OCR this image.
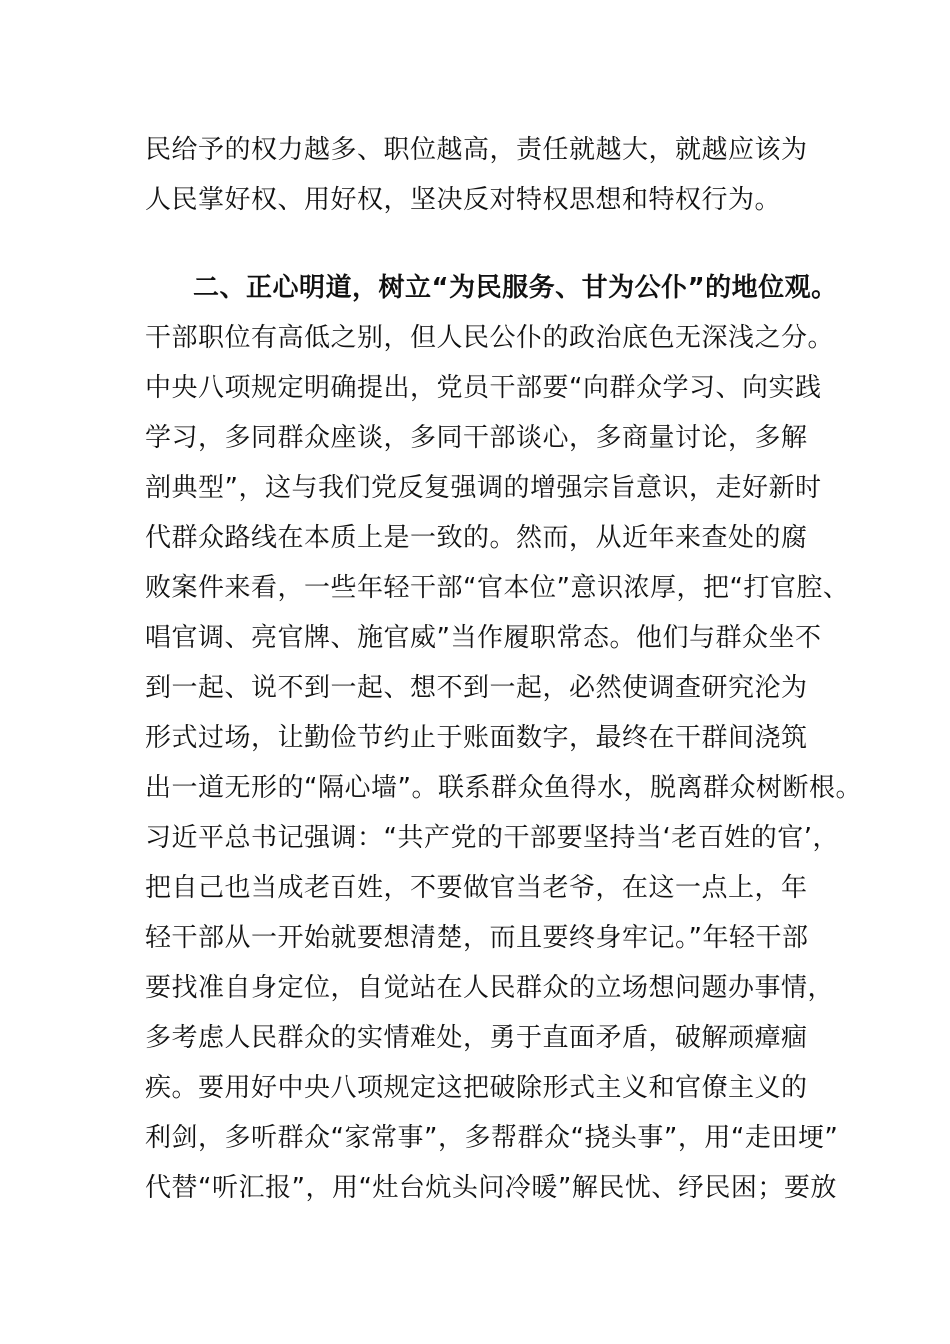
民给予的权力越多、职位越高，责任就越大，就越应该为
人民掌好权、用好权，坚决反对特权思想和特权行为。
二、正心明道，树立“为民服务、甘为公仆”的地位观。
干部职位有高低之别，但人民公仆的政治底色无深浅之分。
中央八项规定明确提出，党员干部要“向群众学习、向实践
学习，多同群众座谈，多同干部谈心，多商量讨论，多解
剖典型”，这与我们党反复强调的增强宗旨意识，走好新时
代群众路线在本质上是一致的。然而，从近年来查处的腐
败案件来看，一些年轻干部“官本位”意识浓厚，把“打官腔、
唱官调、亮官牌、施官威”当作履职常态。他们与群众坐不
到一起、说不到一起、想不到一起，必然使调查研究沦为
形式过场，让勤俭节约止于账面数字，最终在干群间浇筑
出一道无形的“隔心墙”。联系群众鱼得水，脱离群众树断根。
习近平总书记强调：“共产党的干部要坚持当‘老百姓的官’，
把自己也当成老百姓，不要做官当老爷，在这一点上，年
轻干部从一开始就要想清楚，而且要终身牢记。”年轻干部
要找准自身定位，自觉站在人民群众的立场想问题办事情，
多考虑人民群众的实情难处，勇于直面矛盾，破解顽瘴痼
疾。要用好中央八项规定这把破除形式主义和官僚主义的
利剑，多听群众“家常事”，多帮群众“挠头事”，用“走田埂”
代替“听汇报”，用“灶台炕头问冷暖”解民忧、纾民困；要放
